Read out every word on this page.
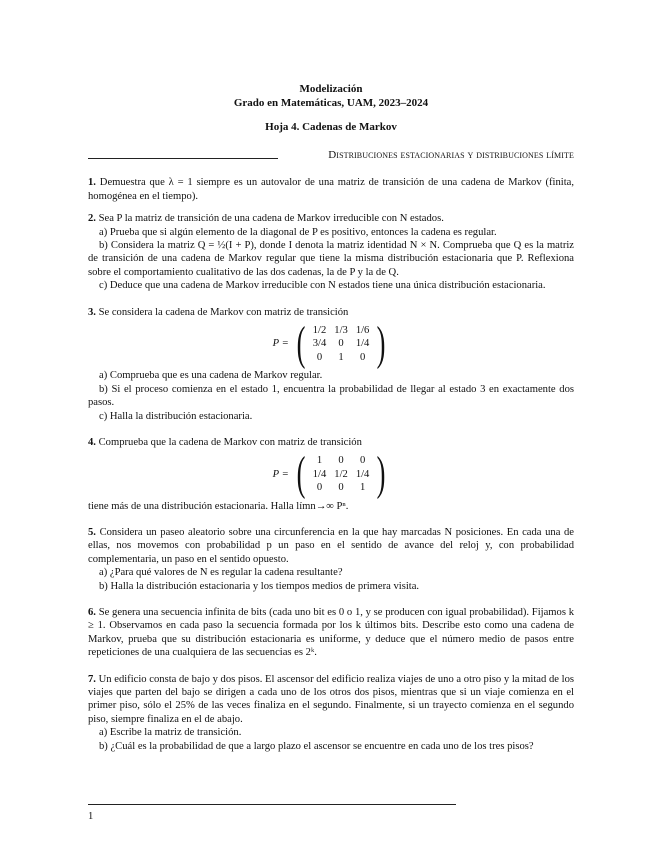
Modelización
Grado en Matemáticas, UAM, 2023–2024
Hoja 4. Cadenas de Markov
Distribuciones estacionarias y distribuciones límite

1. Demuestra que λ = 1 siempre es un autovalor de una matriz de transición de una cadena de Markov (finita, homogénea en el tiempo).

2. Sea P la matriz de transición de una cadena de Markov irreducible con N estados.

a) Prueba que si algún elemento de la diagonal de P es positivo, entonces la cadena es regular.

b) Considera la matriz Q = ½(I + P), donde I denota la matriz identidad N × N. Comprueba que Q es la matriz de transición de una cadena de Markov regular que tiene la misma distribución estacionaria que P. Reflexiona sobre el comportamiento cualitativo de las dos cadenas, la de P y la de Q.

c) Deduce que una cadena de Markov irreducible con N estados tiene una única distribución estacionaria.

3. Se considera la cadena de Markov con matriz de transición

P = ( 1/2	1/3	1/6
3/4	0	1/4
0	1	0 )

a) Comprueba que es una cadena de Markov regular.

b) Si el proceso comienza en el estado 1, encuentra la probabilidad de llegar al estado 3 en exactamente dos pasos.

c) Halla la distribución estacionaria.

4. Comprueba que la cadena de Markov con matriz de transición

P = ( 1	0	0
1/4	1/2	1/4
0	0	1 )

tiene más de una distribución estacionaria. Halla límn→∞ Pⁿ.

5. Considera un paseo aleatorio sobre una circunferencia en la que hay marcadas N posiciones. En cada una de ellas, nos movemos con probabilidad p un paso en el sentido de avance del reloj y, con probabilidad complementaria, un paso en el sentido opuesto.

a) ¿Para qué valores de N es regular la cadena resultante?

b) Halla la distribución estacionaria y los tiempos medios de primera visita.

6. Se genera una secuencia infinita de bits (cada uno bit es 0 o 1, y se producen con igual probabilidad). Fijamos k ≥ 1. Observamos en cada paso la secuencia formada por los k últimos bits. Describe esto como una cadena de Markov, prueba que su distribución estacionaria es uniforme, y deduce que el número medio de pasos entre repeticiones de una cualquiera de las secuencias es 2ᵏ.

7. Un edificio consta de bajo y dos pisos. El ascensor del edificio realiza viajes de uno a otro piso y la mitad de los viajes que parten del bajo se dirigen a cada uno de los otros dos pisos, mientras que si un viaje comienza en el primer piso, sólo el 25% de las veces finaliza en el segundo. Finalmente, si un trayecto comienza en el segundo piso, siempre finaliza en el de abajo.

a) Escribe la matriz de transición.

b) ¿Cuál es la probabilidad de que a largo plazo el ascensor se encuentre en cada uno de los tres pisos?

1
